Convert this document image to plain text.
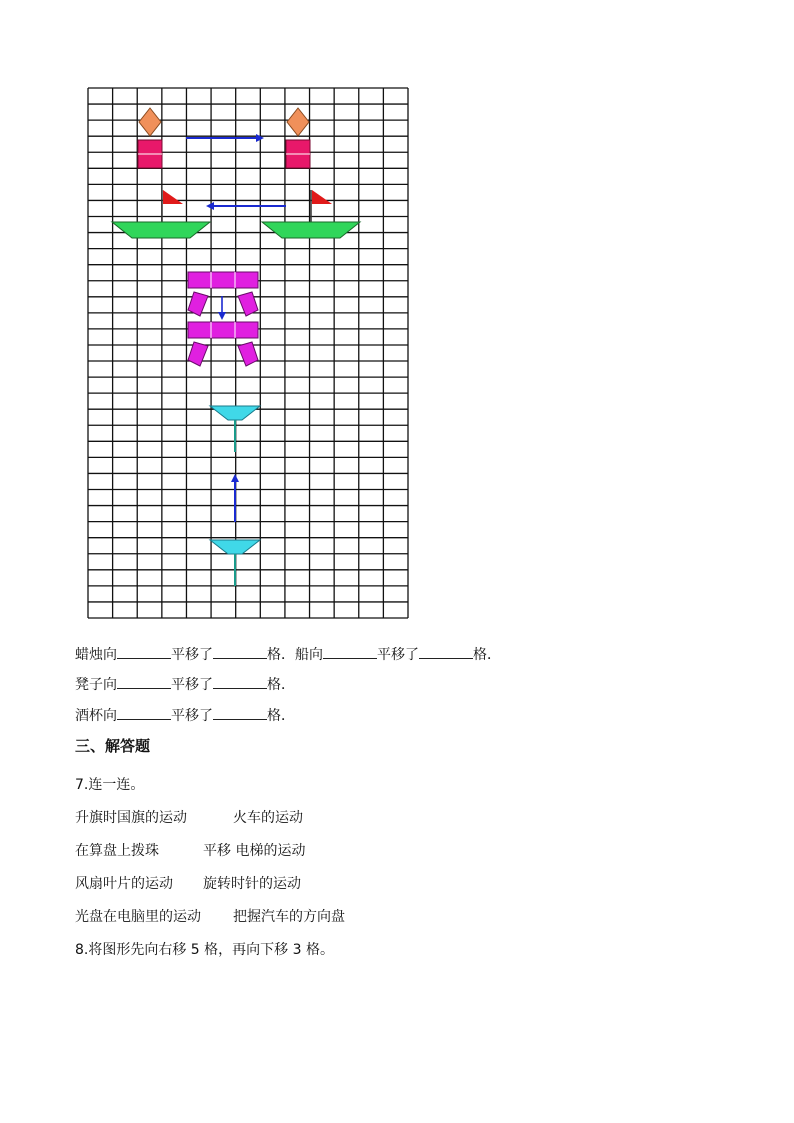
蜡烛向	平移了	格．船向	平移了	格．
凳子向	平移了	格．
酒杯向	平移了	格．
三、解答题
7.连一连。
升旗时国旗的运动
在算盘上拨珠
风扇叶片的运动
光盘在电脑里的运动
火车的运动
平移 电梯的运动
旋转时针的运动
把握汽车的方向盘
8.将图形先向右移 5 格，再向下移 3 格。
